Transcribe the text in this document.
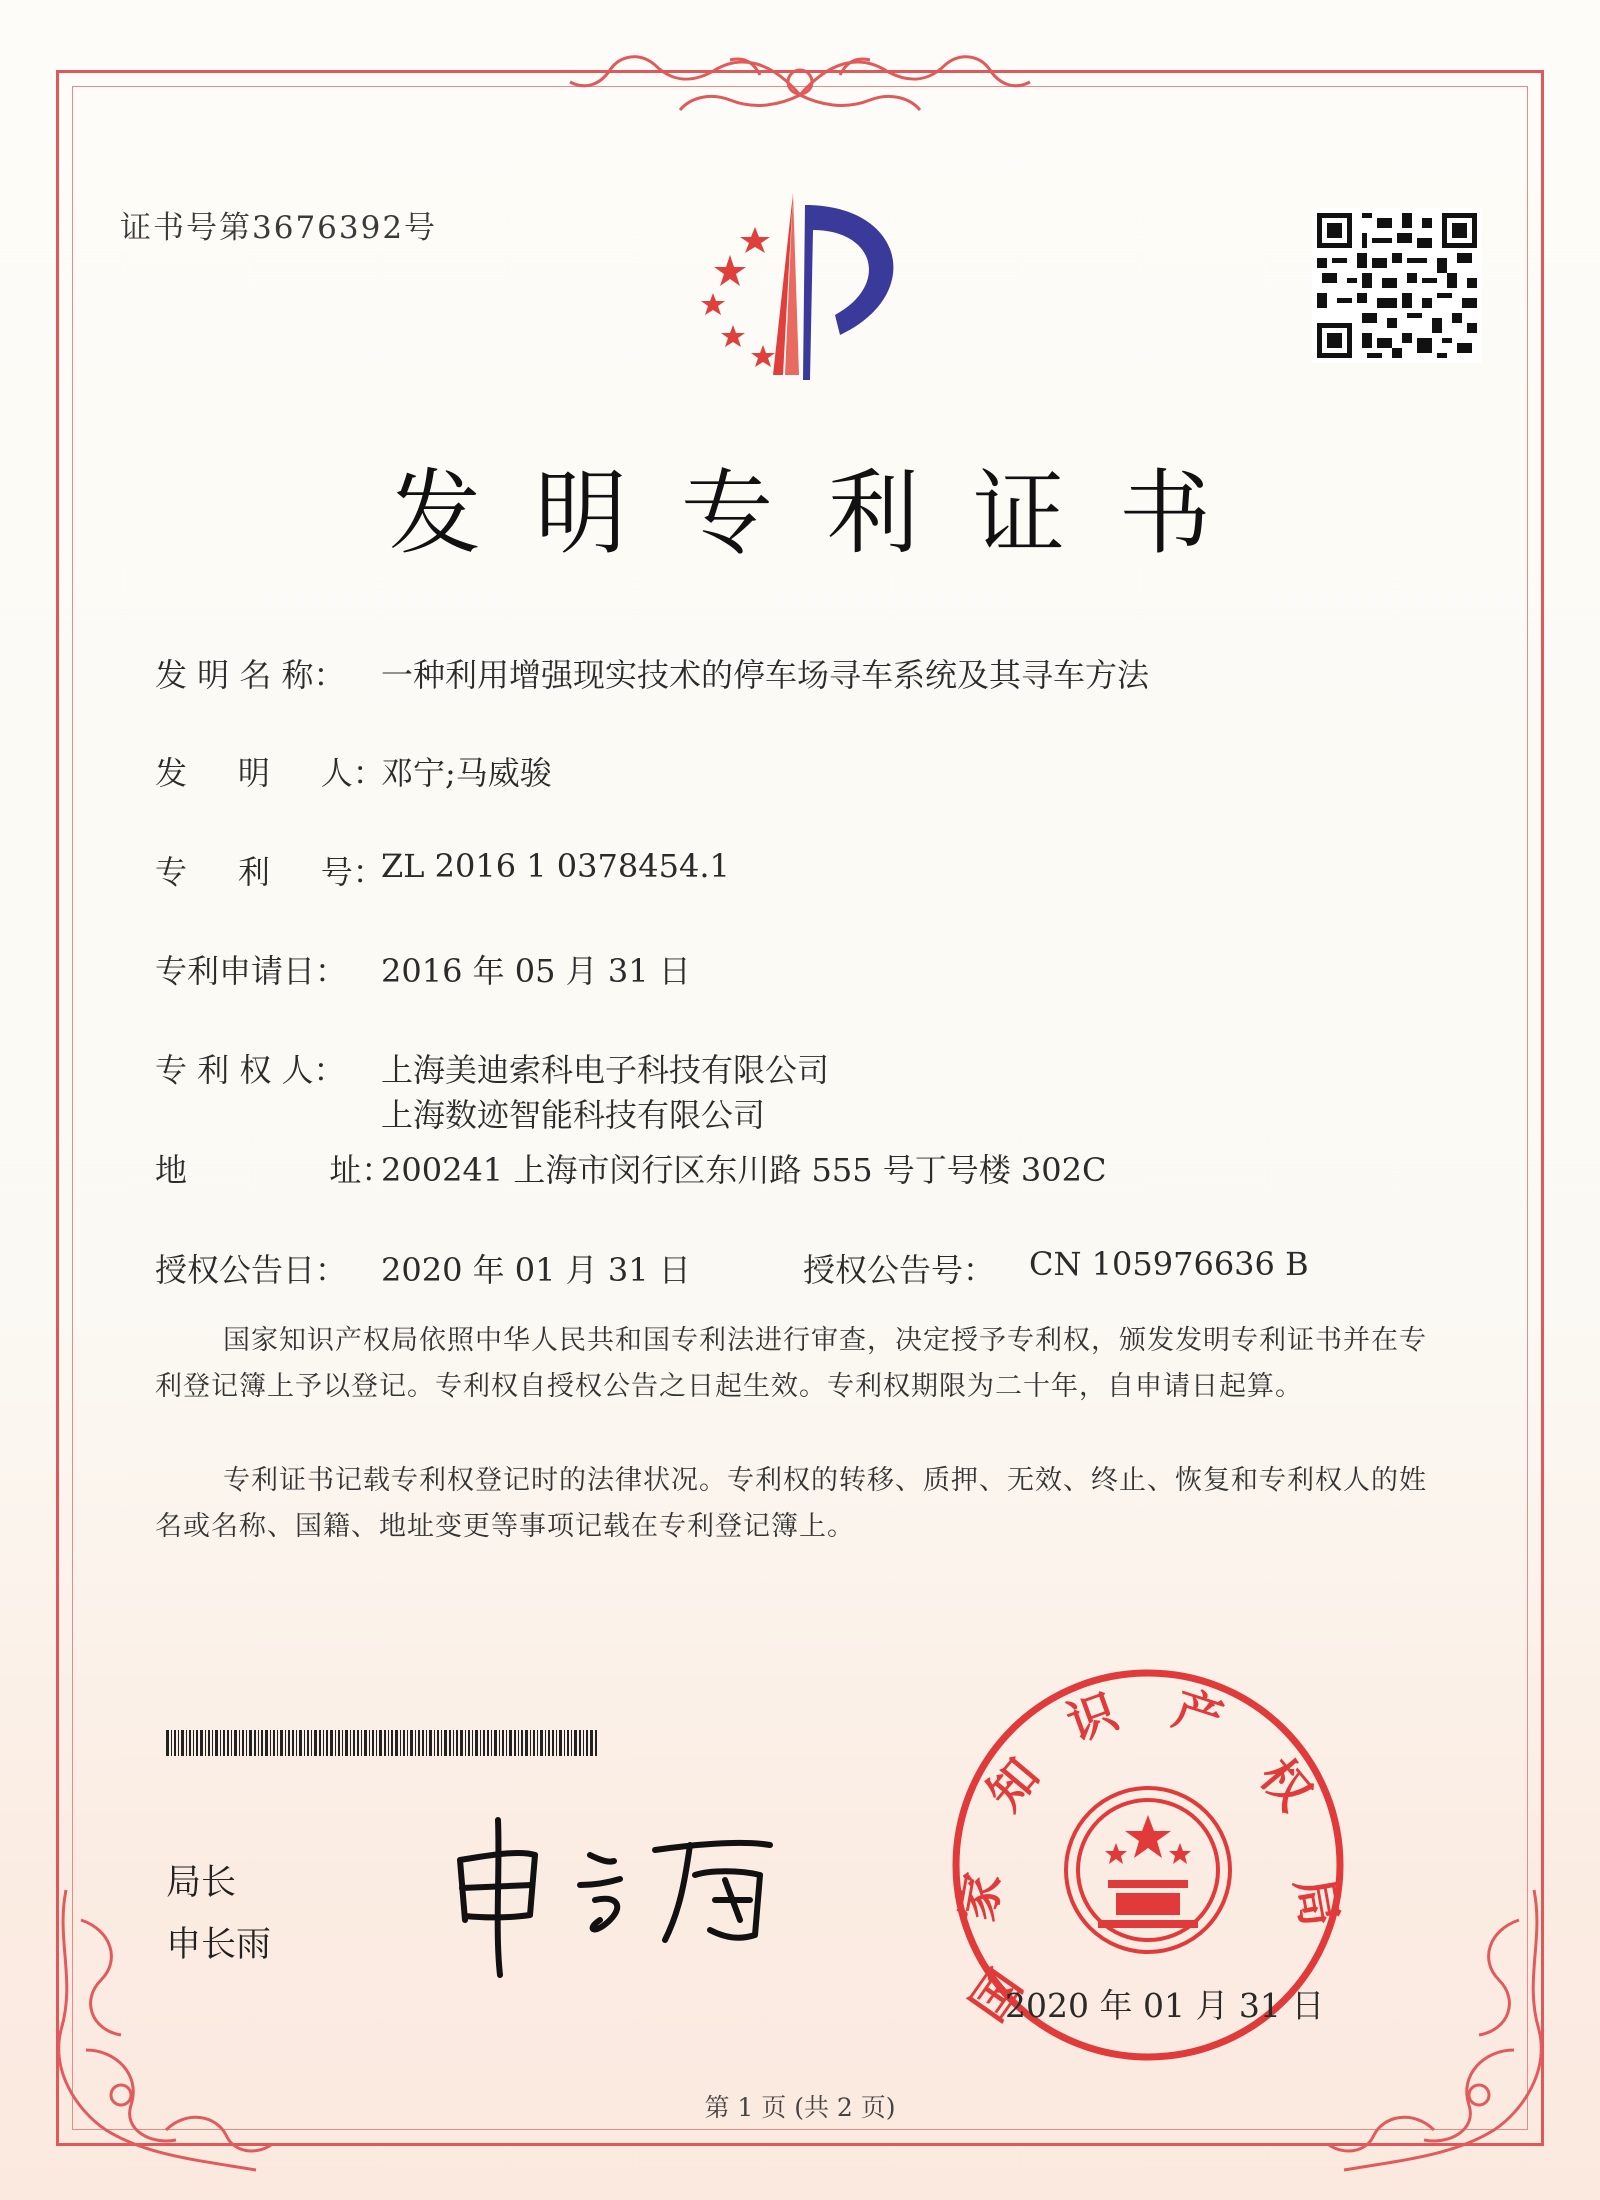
证书号第3676392号
发明专利证书
发 明 名 称： 一种利用增强现实技术的停车场寻车系统及其寻车方法
发     明     人：
邓宁;马威骏
专     利     号：
ZL 2016 1 0378454.1
专利申请日： 2016 年 05 月 31 日
专 利 权 人： 上海美迪索科电子科技有限公司
上海数迹智能科技有限公司
地              址：
200241 上海市闵行区东川路 555 号丁号楼 302C
授权公告日： 2020 年 01 月 31 日	授权公告号： CN 105976636 B
国家知识产权局依照中华人民共和国专利法进行审查，决定授予专利权，颁发发明专利证书并在专利登记簿上予以登记。专利权自授权公告之日起生效。专利权期限为二十年，自申请日起算。
专利证书记载专利权登记时的法律状况。专利权的转移、质押、无效、终止、恢复和专利权人的姓名或名称、国籍、地址变更等事项记载在专利登记簿上。
局长
申长雨
国
家
知
识 产
权
局
2020 年 01 月 31 日
第 1 页 (共 2 页)
